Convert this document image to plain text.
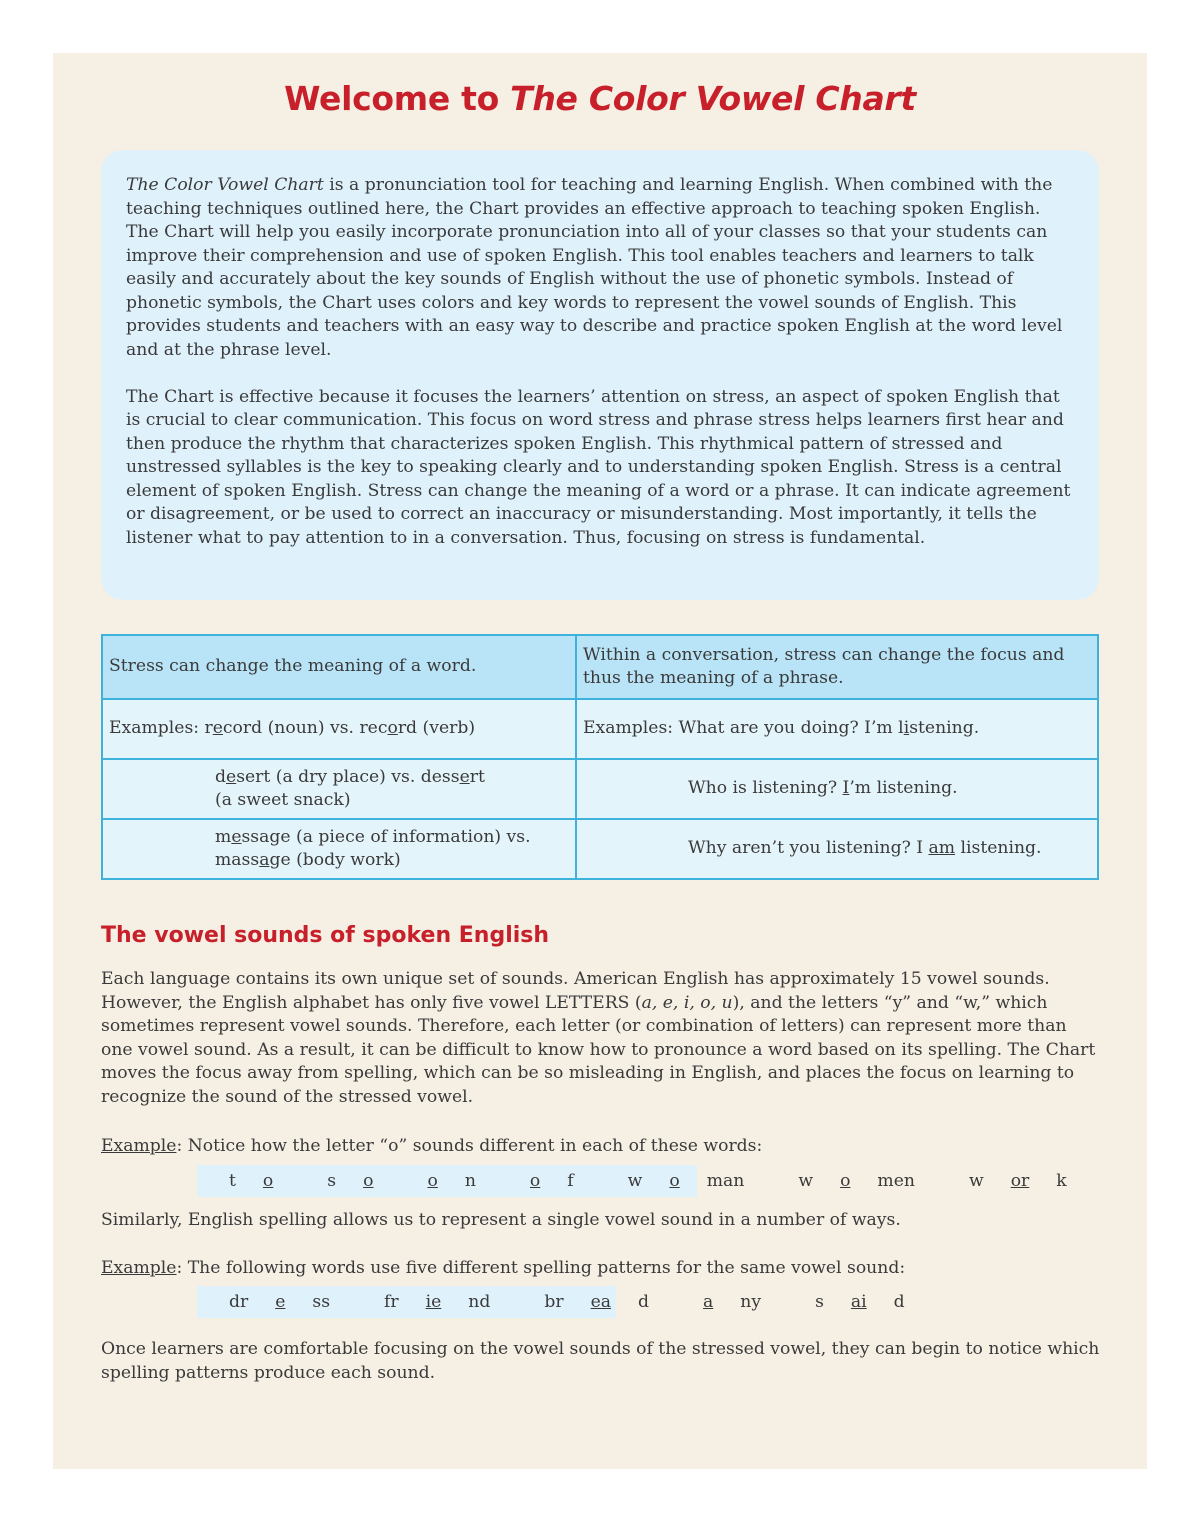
Welcome to The Color Vowel Chart

The Color Vowel Chart is a pronunciation tool for teaching and learning English. When combined with the teaching techniques outlined here, the Chart provides an effective approach to teaching spoken English. The Chart will help you easily incorporate pronunciation into all of your classes so that your students can improve their comprehension and use of spoken English. This tool enables teachers and learners to talk easily and accurately about the key sounds of English without the use of phonetic symbols. Instead of phonetic symbols, the Chart uses colors and key words to represent the vowel sounds of English. This provides students and teachers with an easy way to describe and practice spoken English at the word level and at the phrase level.

The Chart is effective because it focuses the learners’ attention on stress, an aspect of spoken English that is crucial to clear communication. This focus on word stress and phrase stress helps learners first hear and then produce the rhythm that characterizes spoken English. This rhythmical pattern of stressed and unstressed syllables is the key to speaking clearly and to understanding spoken English. Stress is a central element of spoken English. Stress can change the meaning of a word or a phrase. It can indicate agreement or disagreement, or be used to correct an inaccuracy or misunderstanding. Most importantly, it tells the listener what to pay attention to in a conversation. Thus, focusing on stress is fundamental.

Stress can change the meaning of a word.	Within a conversation, stress can change the focus and thus the meaning of a phrase.
Examples: record (noun) vs. record (verb)	Examples: What are you doing? I’m listening.

desert (a dry place) vs. dessert
(a sweet snack)	Who is listening? I’m listening.

message (a piece of information) vs.
massage (body work)	Why aren’t you listening? I am listening.
The vowel sounds of spoken English

Each language contains its own unique set of sounds. American English has approximately 15 vowel sounds. However, the English alphabet has only five vowel LETTERS (a, e, i, o, u), and the letters “y” and “w,” which sometimes represent vowel sounds. Therefore, each letter (or combination of letters) can represent more than one vowel sound. As a result, it can be difficult to know how to pronounce a word based on its spelling. The Chart moves the focus away from spelling, which can be so misleading in English, and places the focus on learning to recognize the sound of the stressed vowel.

Example: Notice how the letter “o” sounds different in each of these words:

t o	s o	o n	o f	w o man	w o men	w or k
Similarly, English spelling allows us to represent a single vowel sound in a number of ways.

Example: The following words use five different spelling patterns for the same vowel sound:

dr e ss	fr ie nd	br ea d	a ny	s ai d
Once learners are comfortable focusing on the vowel sounds of the stressed vowel, they can begin to notice which spelling patterns produce each sound.
